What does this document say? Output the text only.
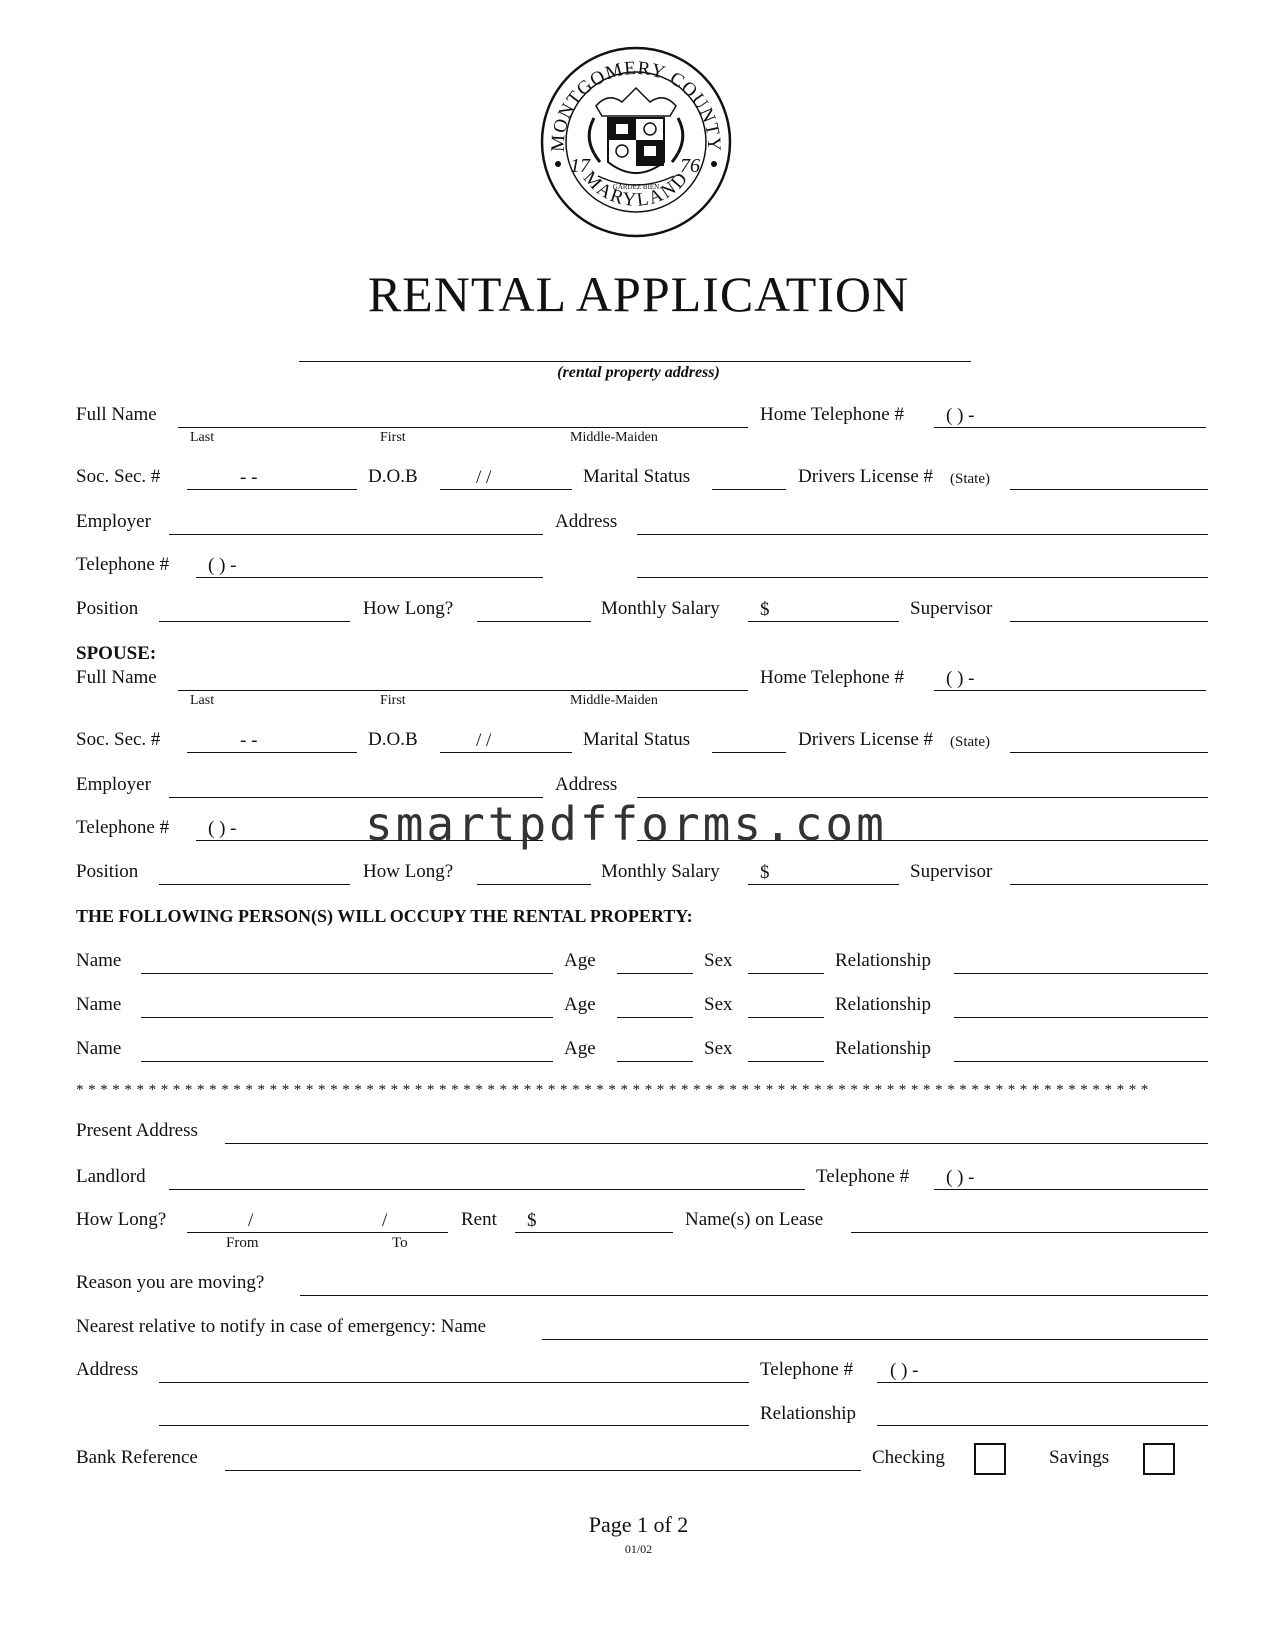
MONTGOMERY COUNTY
MARYLAND
17	76
GARDEZ BIEN
RENTAL APPLICATION
(rental property address)
Full Name
Last	First	Middle-Maiden
Home Telephone # ( ) -
Soc. Sec. #	- -	D.O.B	/ /	Marital Status	Drivers License # (State)
Employer	Address
Telephone # ( ) -
Position	How Long?	Monthly Salary $	Supervisor
SPOUSE:
Full Name
Last	First	Middle-Maiden
Home Telephone # ( ) -
Soc. Sec. #	- -	D.O.B	/ /	Marital Status	Drivers License # (State)
Employer	Address
Telephone # ( ) -
Position	How Long?	Monthly Salary $	Supervisor
THE FOLLOWING PERSON(S) WILL OCCUPY THE RENTAL PROPERTY:
Name	Age	Sex	Relationship
Name	Age	Sex	Relationship
Name	Age	Sex	Relationship
*****************************************************************************************
Present Address
Landlord	Telephone # ( ) -
How Long?	/	/
From	To
Rent $	Name(s) on Lease
Reason you are moving?
Nearest relative to notify in case of emergency: Name
Address	Telephone # ( ) -
Relationship
Bank Reference	Checking	Savings
smartpdfforms.com
Page 1 of 2
01/02
